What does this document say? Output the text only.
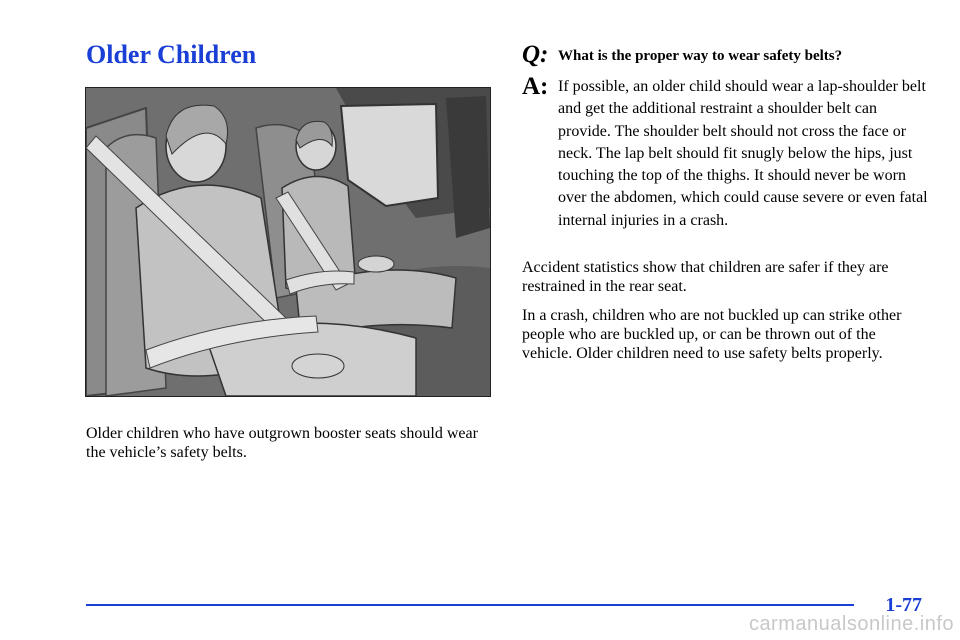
Older Children

Older children who have outgrown booster seats should wear the vehicle’s safety belts.

Q: What is the proper way to wear safety belts?
A: If possible, an older child should wear a lap-shoulder belt and get the additional restraint a shoulder belt can provide. The shoulder belt should not cross the face or neck. The lap belt should fit snugly below the hips, just touching the top of the thighs. It should never be worn over the abdomen, which could cause severe or even fatal internal injuries in a crash.

Accident statistics show that children are safer if they are restrained in the rear seat.

In a crash, children who are not buckled up can strike other people who are buckled up, or can be thrown out of the vehicle. Older children need to use safety belts properly.

1-77
carmanualsonline.info
